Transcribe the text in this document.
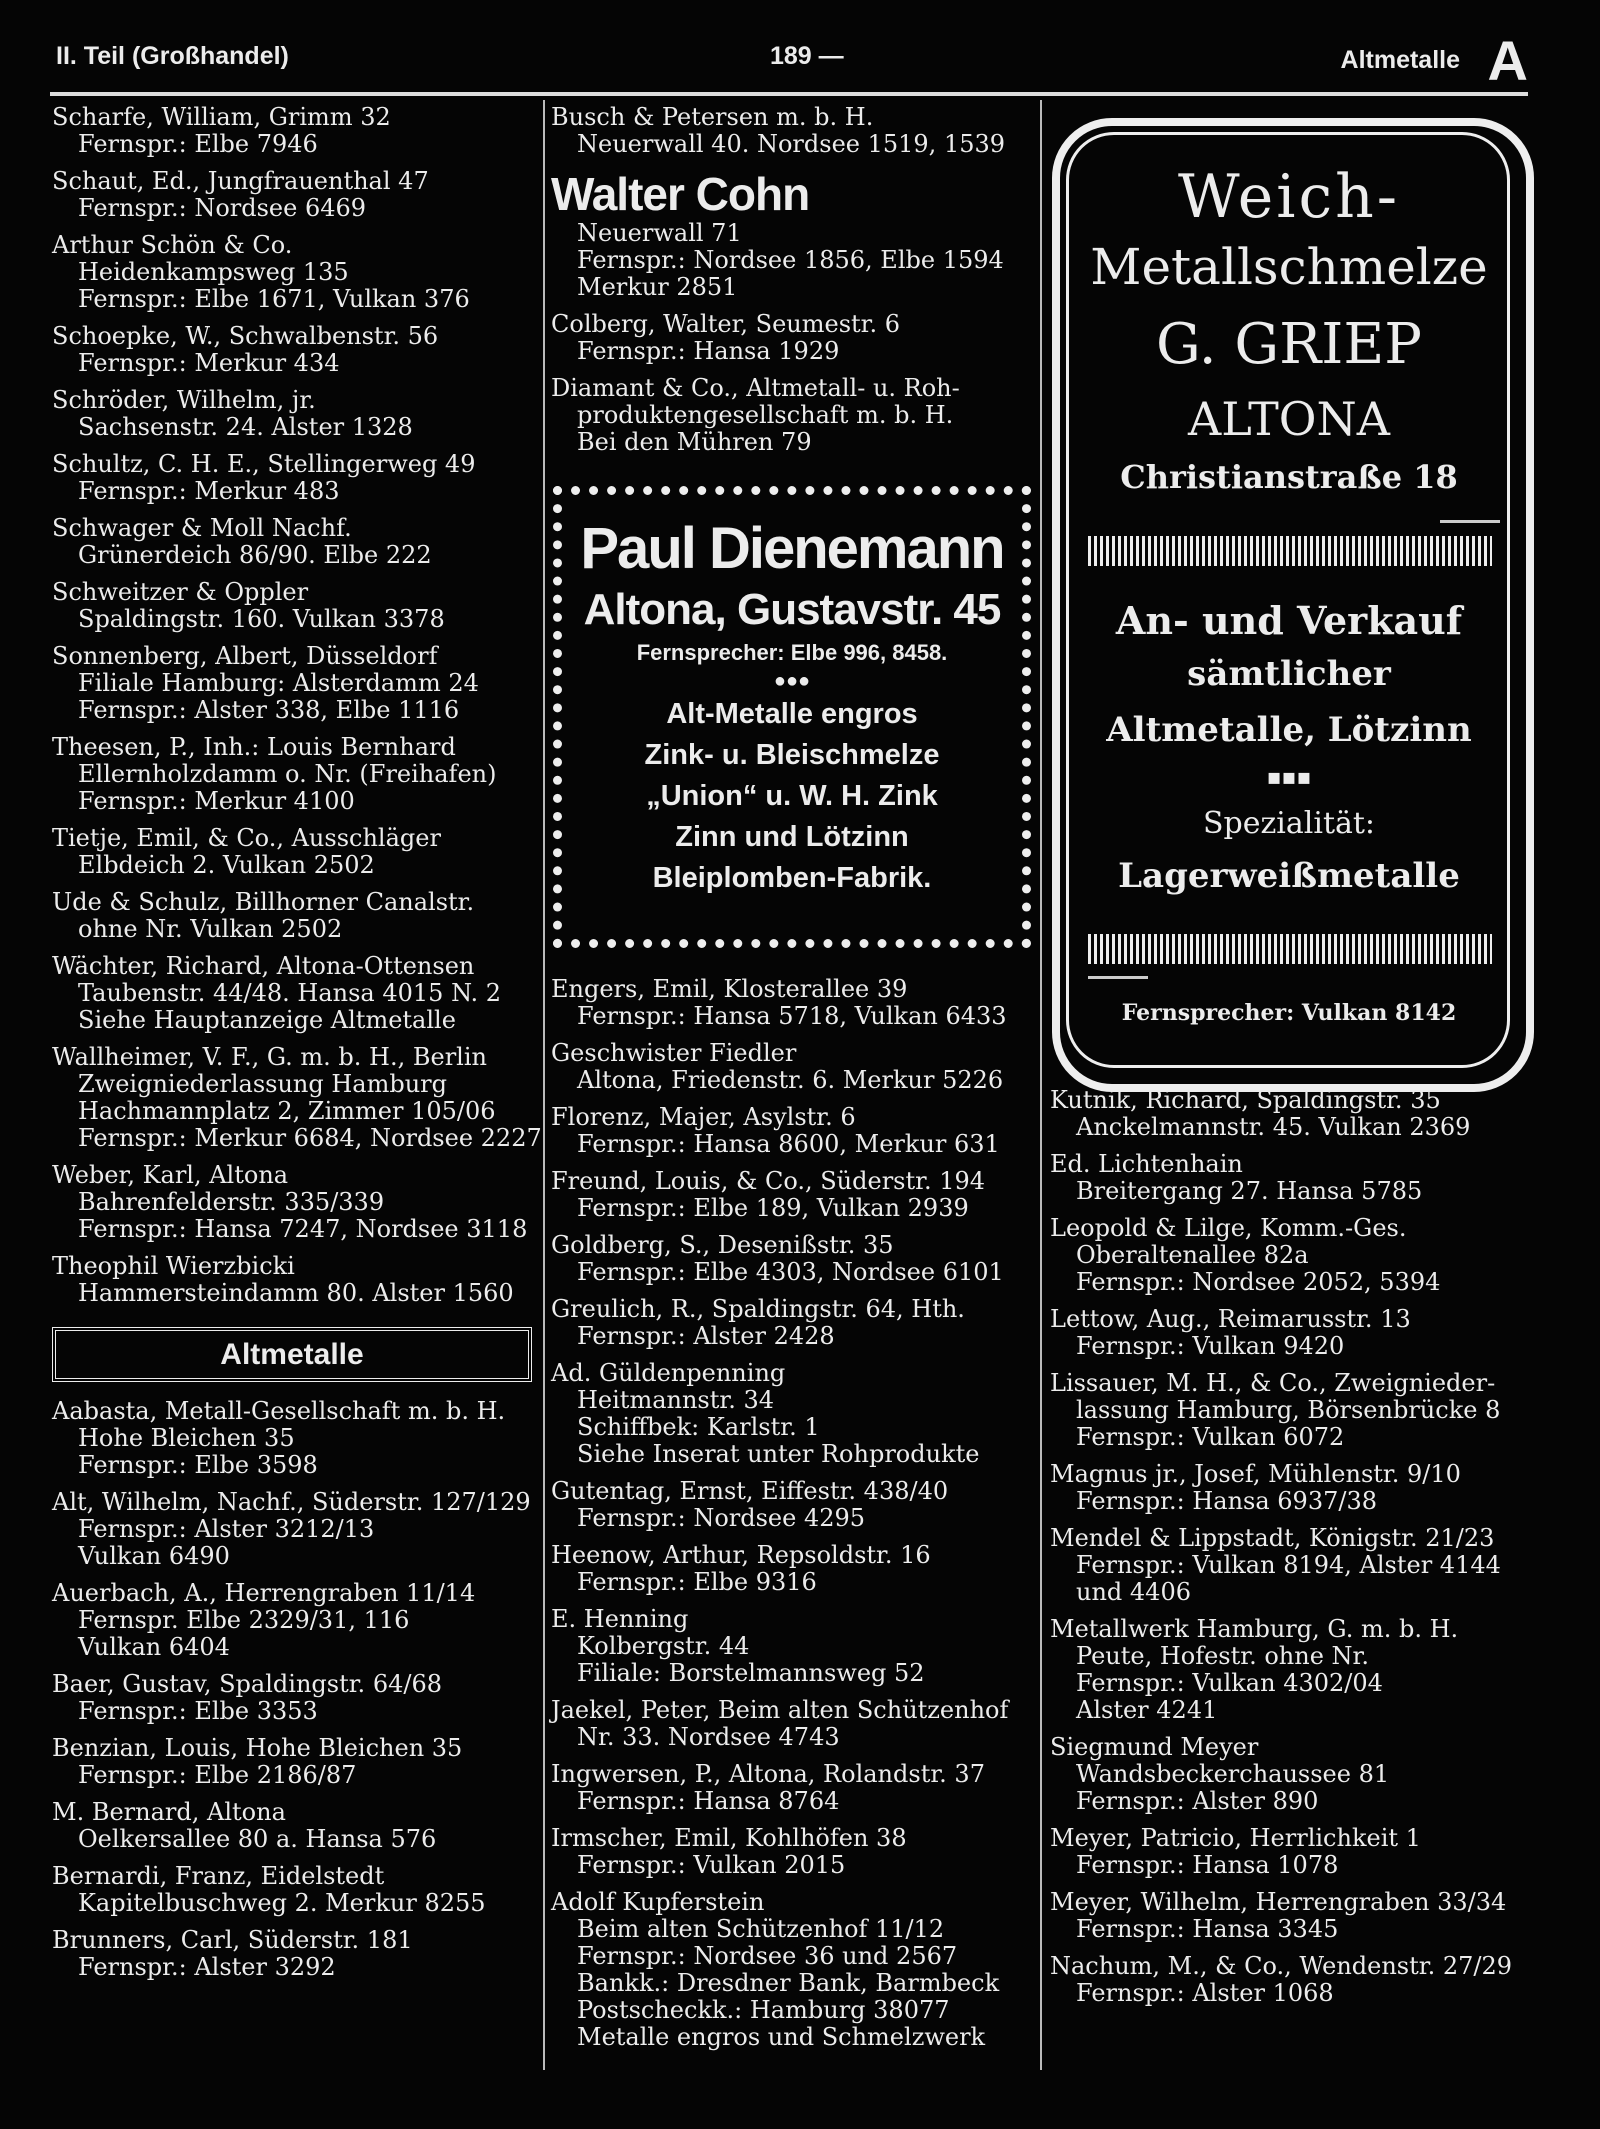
II. Teil (Großhandel)	189 —	Altmetalle A
Scharfe, William, Grimm 32
Fernspr.: Elbe 7946
Schaut, Ed., Jungfrauenthal 47
Fernspr.: Nordsee 6469
Arthur Schön & Co.
Heidenkampsweg 135
Fernspr.: Elbe 1671, Vulkan 376
Schoepke, W., Schwalbenstr. 56
Fernspr.: Merkur 434
Schröder, Wilhelm, jr.
Sachsenstr. 24. Alster 1328
Schultz, C. H. E., Stellingerweg 49
Fernspr.: Merkur 483
Schwager & Moll Nachf.
Grünerdeich 86/90. Elbe 222
Schweitzer & Oppler
Spaldingstr. 160. Vulkan 3378
Sonnenberg, Albert, Düsseldorf
Filiale Hamburg: Alsterdamm 24
Fernspr.: Alster 338, Elbe 1116
Theesen, P., Inh.: Louis Bernhard
Ellernholzdamm o. Nr. (Freihafen)
Fernspr.: Merkur 4100
Tietje, Emil, & Co., Ausschläger
Elbdeich 2. Vulkan 2502
Ude & Schulz, Billhorner Canalstr.
ohne Nr. Vulkan 2502
Wächter, Richard, Altona-Ottensen
Taubenstr. 44/48. Hansa 4015 N. 2
Siehe Hauptanzeige Altmetalle
Wallheimer, V. F., G. m. b. H., Berlin
Zweigniederlassung Hamburg
Hachmannplatz 2, Zimmer 105/06
Fernspr.: Merkur 6684, Nordsee 2227
Weber, Karl, Altona
Bahrenfelderstr. 335/339
Fernspr.: Hansa 7247, Nordsee 3118
Theophil Wierzbicki
Hammersteindamm 80. Alster 1560
Altmetalle
Aabasta, Metall-Gesellschaft m. b. H.
Hohe Bleichen 35
Fernspr.: Elbe 3598
Alt, Wilhelm, Nachf., Süderstr. 127/129
Fernspr.: Alster 3212/13
Vulkan 6490
Auerbach, A., Herrengraben 11/14
Fernspr. Elbe 2329/31, 116
Vulkan 6404
Baer, Gustav, Spaldingstr. 64/68
Fernspr.: Elbe 3353
Benzian, Louis, Hohe Bleichen 35
Fernspr.: Elbe 2186/87
M. Bernard, Altona
Oelkersallee 80 a. Hansa 576
Bernardi, Franz, Eidelstedt
Kapitelbuschweg 2. Merkur 8255
Brunners, Carl, Süderstr. 181
Fernspr.: Alster 3292
Busch & Petersen m. b. H.
Neuerwall 40. Nordsee 1519, 1539
Walter Cohn
Neuerwall 71
Fernspr.: Nordsee 1856, Elbe 1594
Merkur 2851
Colberg, Walter, Seumestr. 6
Fernspr.: Hansa 1929
Diamant & Co., Altmetall- u. Roh-
produktengesellschaft m. b. H.
Bei den Mühren 79
Engers, Emil, Klosterallee 39
Fernspr.: Hansa 5718, Vulkan 6433
Geschwister Fiedler
Altona, Friedenstr. 6. Merkur 5226
Florenz, Majer, Asylstr. 6
Fernspr.: Hansa 8600, Merkur 631
Freund, Louis, & Co., Süderstr. 194
Fernspr.: Elbe 189, Vulkan 2939
Goldberg, S., Desenißstr. 35
Fernspr.: Elbe 4303, Nordsee 6101
Greulich, R., Spaldingstr. 64, Hth.
Fernspr.: Alster 2428
Ad. Güldenpenning
Heitmannstr. 34
Schiffbek: Karlstr. 1
Siehe Inserat unter Rohprodukte
Gutentag, Ernst, Eiffestr. 438/40
Fernspr.: Nordsee 4295
Heenow, Arthur, Repsoldstr. 16
Fernspr.: Elbe 9316
E. Henning
Kolbergstr. 44
Filiale: Borstelmannsweg 52
Jaekel, Peter, Beim alten Schützenhof
Nr. 33. Nordsee 4743
Ingwersen, P., Altona, Rolandstr. 37
Fernspr.: Hansa 8764
Irmscher, Emil, Kohlhöfen 38
Fernspr.: Vulkan 2015
Adolf Kupferstein
Beim alten Schützenhof 11/12
Fernspr.: Nordsee 36 und 2567
Bankk.: Dresdner Bank, Barmbeck
Postscheckk.: Hamburg 38077
Metalle engros und Schmelzwerk
Paul Dienemann
Altona, Gustavstr. 45
Fernsprecher: Elbe 996, 8458.
●●●
Alt-Metalle engros
Zink- u. Bleischmelze
„Union“ u. W. H. Zink
Zinn und Lötzinn
Bleiplomben-Fabrik.
Weich-
Metallschmelze
G. GRIEP
ALTONA
Christianstraße 18
An- und Verkauf
sämtlicher
Altmetalle, Lötzinn
▪▪▪
Spezialität:
Lagerweißmetalle
Fernsprecher: Vulkan 8142
Kutnik, Richard, Spaldingstr. 35
Anckelmannstr. 45. Vulkan 2369
Ed. Lichtenhain
Breitergang 27. Hansa 5785
Leopold & Lilge, Komm.-Ges.
Oberaltenallee 82a
Fernspr.: Nordsee 2052, 5394
Lettow, Aug., Reimarusstr. 13
Fernspr.: Vulkan 9420
Lissauer, M. H., & Co., Zweignieder-
lassung Hamburg, Börsenbrücke 8
Fernspr.: Vulkan 6072
Magnus jr., Josef, Mühlenstr. 9/10
Fernspr.: Hansa 6937/38
Mendel & Lippstadt, Königstr. 21/23
Fernspr.: Vulkan 8194, Alster 4144
und 4406
Metallwerk Hamburg, G. m. b. H.
Peute, Hofestr. ohne Nr.
Fernspr.: Vulkan 4302/04
Alster 4241
Siegmund Meyer
Wandsbeckerchaussee 81
Fernspr.: Alster 890
Meyer, Patricio, Herrlichkeit 1
Fernspr.: Hansa 1078
Meyer, Wilhelm, Herrengraben 33/34
Fernspr.: Hansa 3345
Nachum, M., & Co., Wendenstr. 27/29
Fernspr.: Alster 1068
